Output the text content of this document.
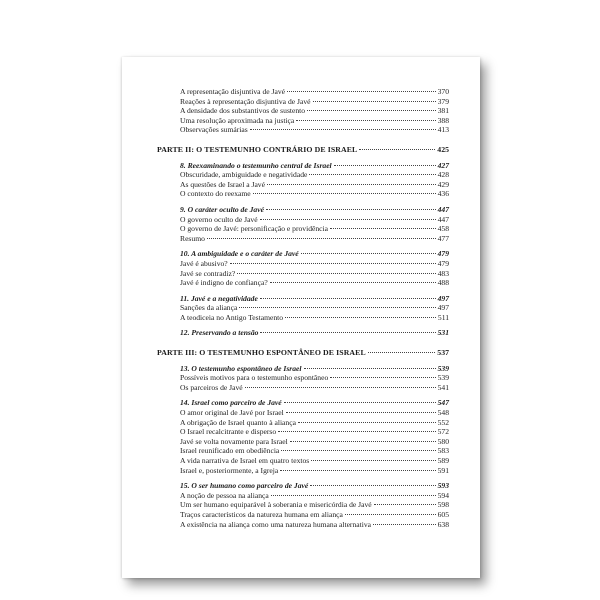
A representação disjuntiva de Javé	370
Reações à representação disjuntiva de Javé	379
A densidade dos substantivos de sustento	381
Uma resolução aproximada na justiça	388
Observações sumárias	413
PARTE II: O TESTEMUNHO CONTRÁRIO DE ISRAEL	425
8. Reexaminando o testemunho central de Israel	427
Obscuridade, ambiguidade e negatividade	428
As questões de Israel a Javé	429
O contexto do reexame	436
9. O caráter oculto de Javé	447
O governo oculto de Javé	447
O governo de Javé: personificação e providência	458
Resumo	477
10. A ambiguidade e o caráter de Javé	479
Javé é abusivo?	479
Javé se contradiz?	483
Javé é indigno de confiança?	488
11. Javé e a negatividade	497
Sanções da aliança	497
A teodiceia no Antigo Testamento	511
12. Preservando a tensão	531
PARTE III: O TESTEMUNHO ESPONTÂNEO DE ISRAEL	537
13. O testemunho espontâneo de Israel	539
Possíveis motivos para o testemunho espontâneo	539
Os parceiros de Javé	541
14. Israel como parceiro de Javé	547
O amor original de Javé por Israel	548
A obrigação de Israel quanto à aliança	552
O Israel recalcitrante e disperso	572
Javé se volta novamente para Israel	580
Israel reunificado em obediência	583
A vida narrativa de Israel em quatro textos	589
Israel e, posteriormente, a Igreja	591
15. O ser humano como parceiro de Javé	593
A noção de pessoa na aliança	594
Um ser humano equiparável à soberania e misericórdia de Javé	598
Traços característicos da natureza humana em aliança	605
A existência na aliança como uma natureza humana alternativa	638
